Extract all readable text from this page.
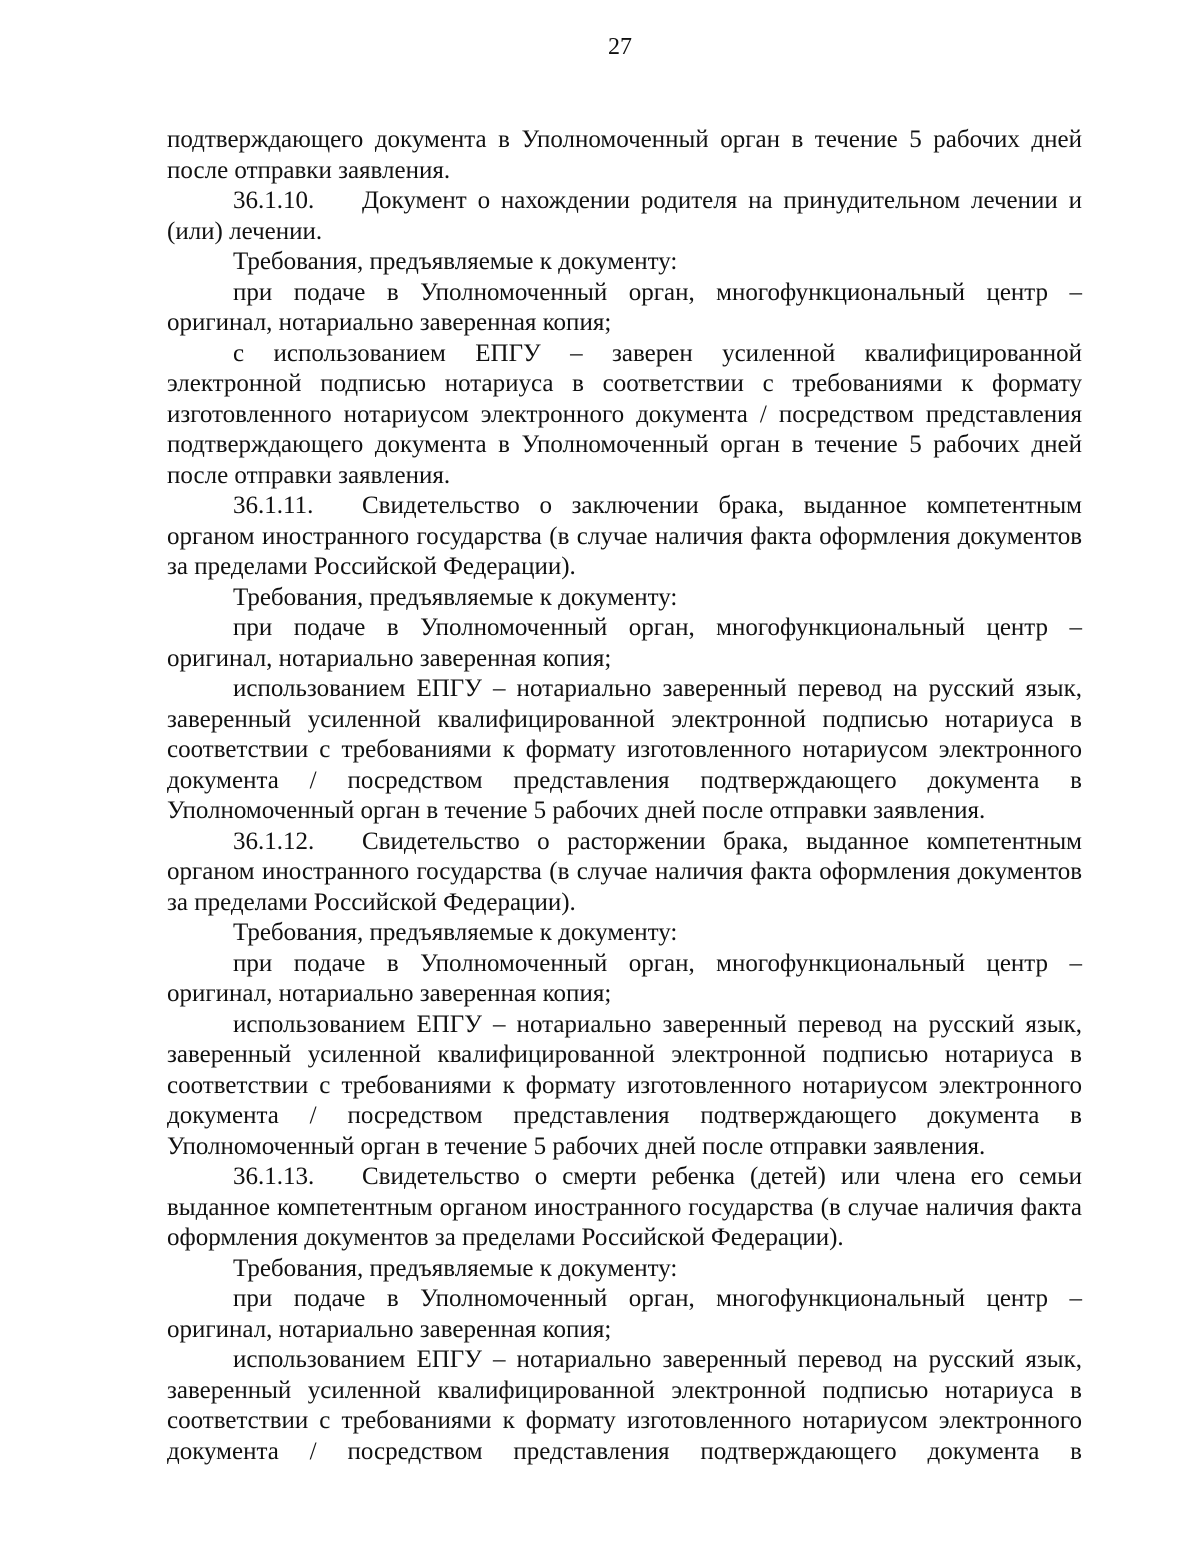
27

подтверждающего документа в Уполномоченный орган в течение 5 рабочих дней после отправки заявления.

36.1.10. Документ о нахождении родителя на принудительном лечении и (или) лечении.

Требования, предъявляемые к документу:

при подаче в Уполномоченный орган, многофункциональный центр – оригинал, нотариально заверенная копия;

с использованием ЕПГУ – заверен усиленной квалифицированной электронной подписью нотариуса в соответствии с требованиями к формату изготовленного нотариусом электронного документа / посредством представления подтверждающего документа в Уполномоченный орган в течение 5 рабочих дней после отправки заявления.

36.1.11. Свидетельство о заключении брака, выданное компетентным органом иностранного государства (в случае наличия факта оформления документов за пределами Российской Федерации).

Требования, предъявляемые к документу:

при подаче в Уполномоченный орган, многофункциональный центр – оригинал, нотариально заверенная копия;

использованием ЕПГУ – нотариально заверенный перевод на русский язык, заверенный усиленной квалифицированной электронной подписью нотариуса в соответствии с требованиями к формату изготовленного нотариусом электронного документа / посредством представления подтверждающего документа в Уполномоченный орган в течение 5 рабочих дней после отправки заявления.

36.1.12. Свидетельство о расторжении брака, выданное компетентным органом иностранного государства (в случае наличия факта оформления документов за пределами Российской Федерации).

Требования, предъявляемые к документу:

при подаче в Уполномоченный орган, многофункциональный центр – оригинал, нотариально заверенная копия;

использованием ЕПГУ – нотариально заверенный перевод на русский язык, заверенный усиленной квалифицированной электронной подписью нотариуса в соответствии с требованиями к формату изготовленного нотариусом электронного документа / посредством представления подтверждающего документа в Уполномоченный орган в течение 5 рабочих дней после отправки заявления.

36.1.13. Свидетельство о смерти ребенка (детей) или члена его семьи выданное компетентным органом иностранного государства (в случае наличия факта оформления документов за пределами Российской Федерации).

Требования, предъявляемые к документу:

при подаче в Уполномоченный орган, многофункциональный центр – оригинал, нотариально заверенная копия;

использованием ЕПГУ – нотариально заверенный перевод на русский язык, заверенный усиленной квалифицированной электронной подписью нотариуса в соответствии с требованиями к формату изготовленного нотариусом электронного документа / посредством представления подтверждающего документа в
